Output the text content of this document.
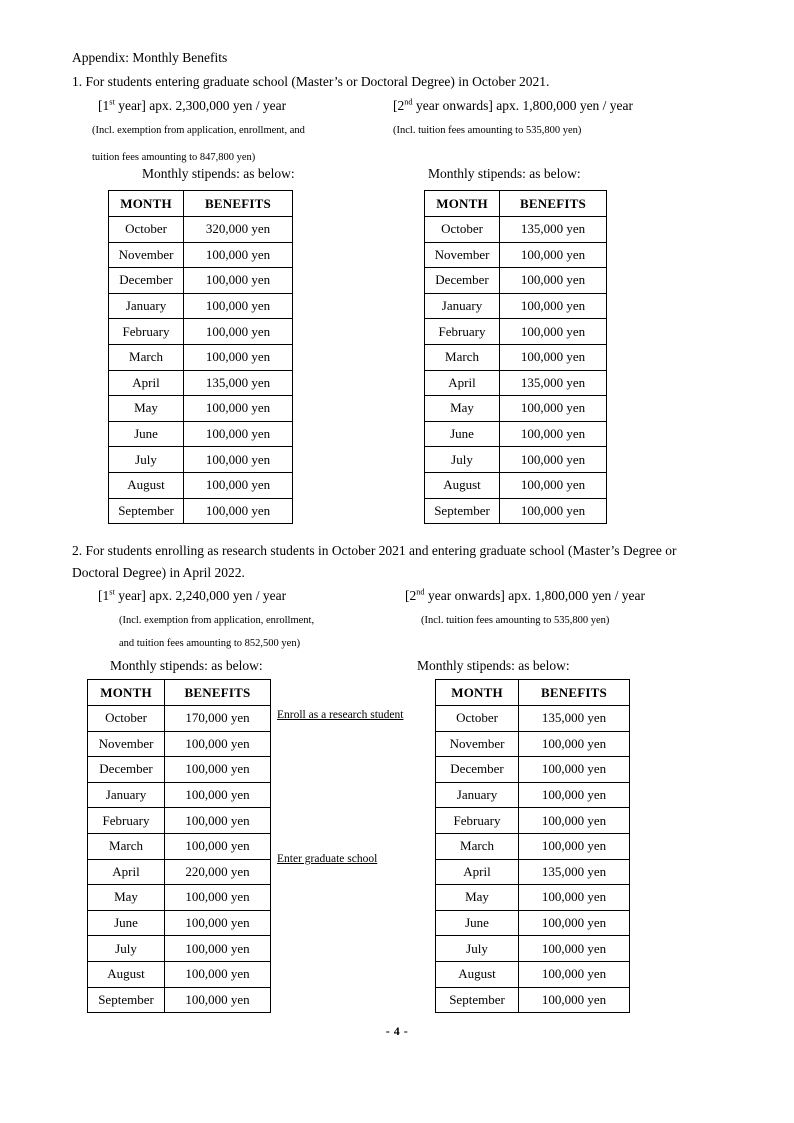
Appendix: Monthly Benefits
1. For students entering graduate school (Master’s or Doctoral Degree) in October 2021.
[1st year] apx. 2,300,000 yen / year	[2nd year onwards] apx. 1,800,000 yen / year
(Incl. exemption from application, enrollment, and
tuition fees amounting to 847,800 yen)
(Incl. tuition fees amounting to 535,800 yen)
Monthly stipends: as below:	Monthly stipends: as below:
MONTH	BENEFITS
October	320,000 yen
November	100,000 yen
December	100,000 yen
January	100,000 yen
February	100,000 yen
March	100,000 yen
April	135,000 yen
May	100,000 yen
June	100,000 yen
July	100,000 yen
August	100,000 yen
September	100,000 yen
MONTH	BENEFITS
October	135,000 yen
November	100,000 yen
December	100,000 yen
January	100,000 yen
February	100,000 yen
March	100,000 yen
April	135,000 yen
May	100,000 yen
June	100,000 yen
July	100,000 yen
August	100,000 yen
September	100,000 yen
2. For students enrolling as research students in October 2021 and entering graduate school (Master’s Degree or Doctoral Degree) in April 2022.
[1st year] apx. 2,240,000 yen / year	[2nd year onwards] apx. 1,800,000 yen / year
(Incl. exemption from application, enrollment,
and tuition fees amounting to 852,500 yen)
(Incl. tuition fees amounting to 535,800 yen)
Monthly stipends: as below:	Monthly stipends: as below:
MONTH	BENEFITS
October	170,000 yen
November	100,000 yen
December	100,000 yen
January	100,000 yen
February	100,000 yen
March	100,000 yen
April	220,000 yen
May	100,000 yen
June	100,000 yen
July	100,000 yen
August	100,000 yen
September	100,000 yen
MONTH	BENEFITS
October	135,000 yen
November	100,000 yen
December	100,000 yen
January	100,000 yen
February	100,000 yen
March	100,000 yen
April	135,000 yen
May	100,000 yen
June	100,000 yen
July	100,000 yen
August	100,000 yen
September	100,000 yen
Enroll as a research student
Enter graduate school
- 4 -
